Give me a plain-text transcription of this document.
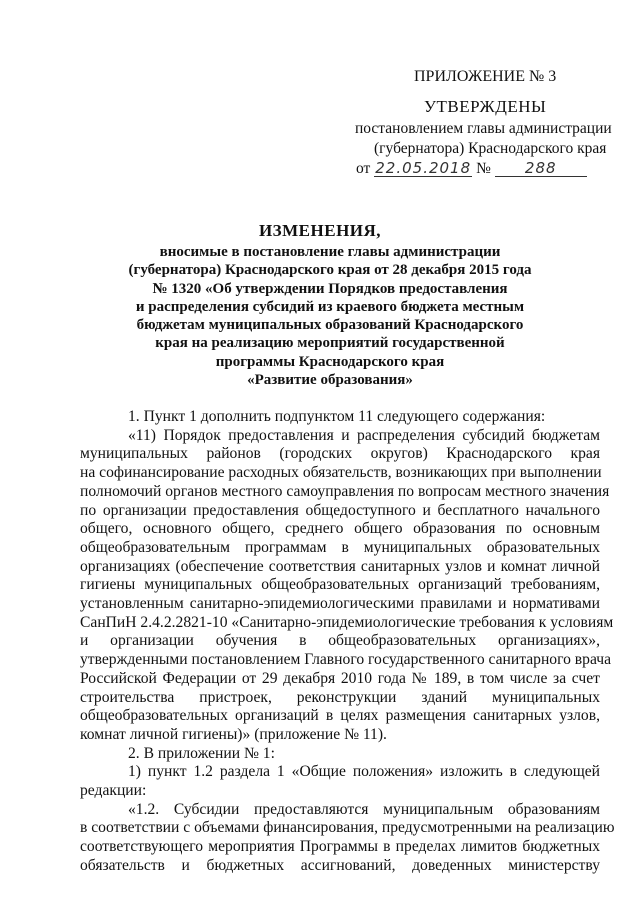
ПРИЛОЖЕНИЕ № 3
УТВЕРЖДЕНЫ
постановлением главы администрации
(губернатора) Краснодарского края
от 22.05.2018 № 288
ИЗМЕНЕНИЯ,
вносимые в постановление главы администрации
(губернатора) Краснодарского края от 28 декабря 2015 года
№ 1320 «Об утверждении Порядков предоставления
и распределения субсидий из краевого бюджета местным
бюджетам муниципальных образований Краснодарского
края на реализацию мероприятий государственной
программы Краснодарского края
«Развитие образования»
1. Пункт 1 дополнить подпунктом 11 следующего содержания:
«11) Порядок предоставления и распределения субсидий бюджетам
муниципальных районов (городских округов) Краснодарского края
на софинансирование расходных обязательств, возникающих при выполнении
полномочий органов местного самоуправления по вопросам местного значения
по организации предоставления общедоступного и бесплатного начального
общего, основного общего, среднего общего образования по основным
общеобразовательным программам в муниципальных образовательных
организациях (обеспечение соответствия санитарных узлов и комнат личной
гигиены муниципальных общеобразовательных организаций требованиям,
установленным санитарно-эпидемиологическими правилами и нормативами
СанПиН 2.4.2.2821-10 «Санитарно-эпидемиологические требования к условиям
и организации обучения в общеобразовательных организациях»,
утвержденными постановлением Главного государственного санитарного врача
Российской Федерации от 29 декабря 2010 года № 189, в том числе за счет
строительства пристроек, реконструкции зданий муниципальных
общеобразовательных организаций в целях размещения санитарных узлов,
комнат личной гигиены)» (приложение № 11).
2. В приложении № 1:
1) пункт 1.2 раздела 1 «Общие положения» изложить в следующей
редакции:
«1.2. Субсидии предоставляются муниципальным образованиям
в соответствии с объемами финансирования, предусмотренными на реализацию
соответствующего мероприятия Программы в пределах лимитов бюджетных
обязательств и бюджетных ассигнований, доведенных министерству
